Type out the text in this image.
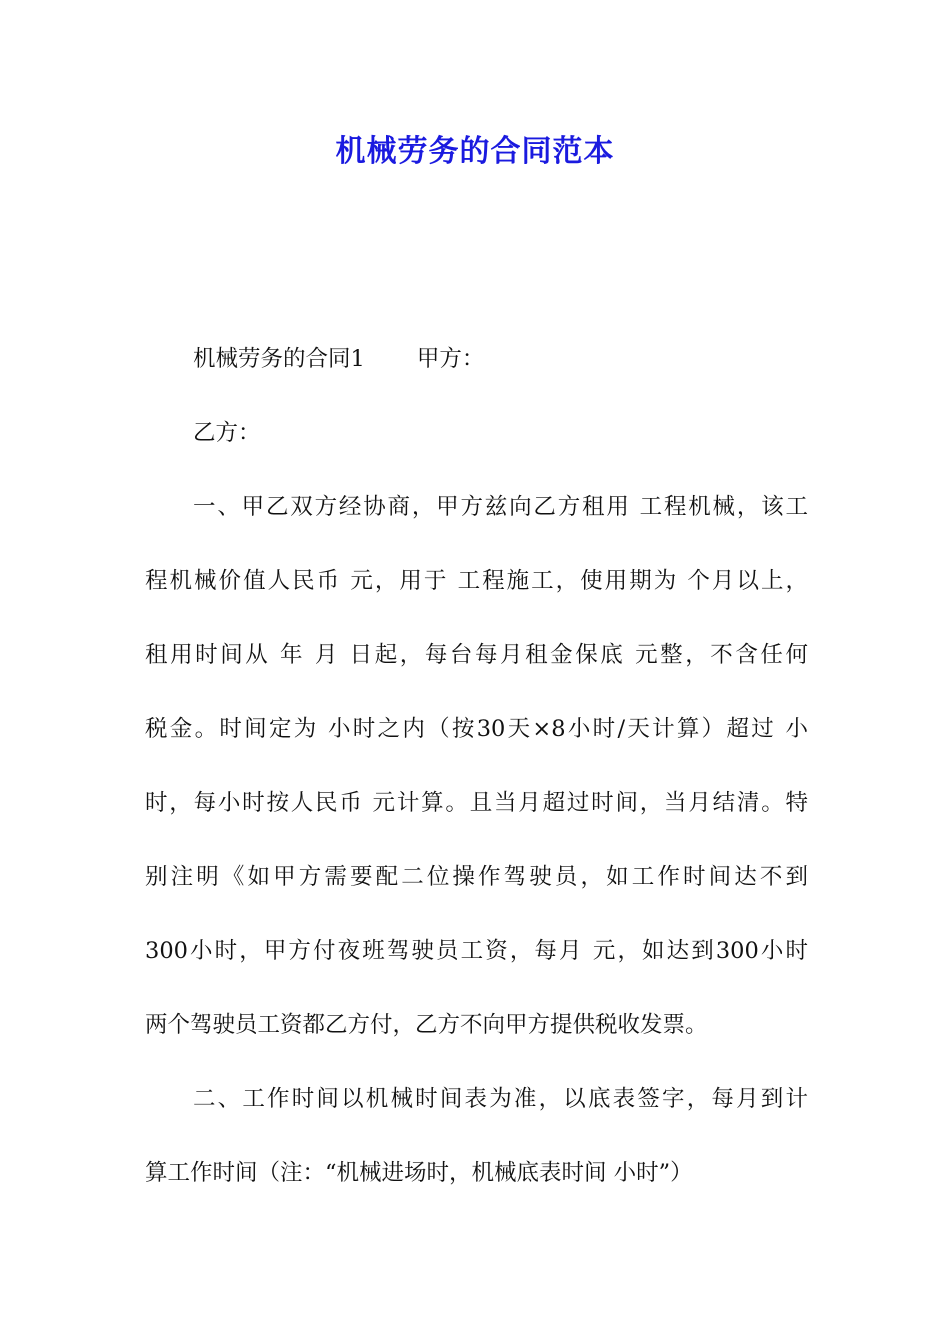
机械劳务的合同范本
机械劳务的合同1 甲方：
乙方：
一、甲乙双方经协商，甲方兹向乙方租用 工程机械，该工
程机械价值人民币 元，用于 工程施工，使用期为 个月以上，
租用时间从 年 月 日起，每台每月租金保底 元整，不含任何
税金。时间定为 小时之内（按30天×8小时/天计算）超过 小
时，每小时按人民币 元计算。且当月超过时间，当月结清。特
别注明《如甲方需要配二位操作驾驶员，如工作时间达不到
300小时，甲方付夜班驾驶员工资，每月 元，如达到300小时
两个驾驶员工资都乙方付，乙方不向甲方提供税收发票。
二、工作时间以机械时间表为准，以底表签字，每月到计
算工作时间（注：“机械进场时，机械底表时间 小时”）
